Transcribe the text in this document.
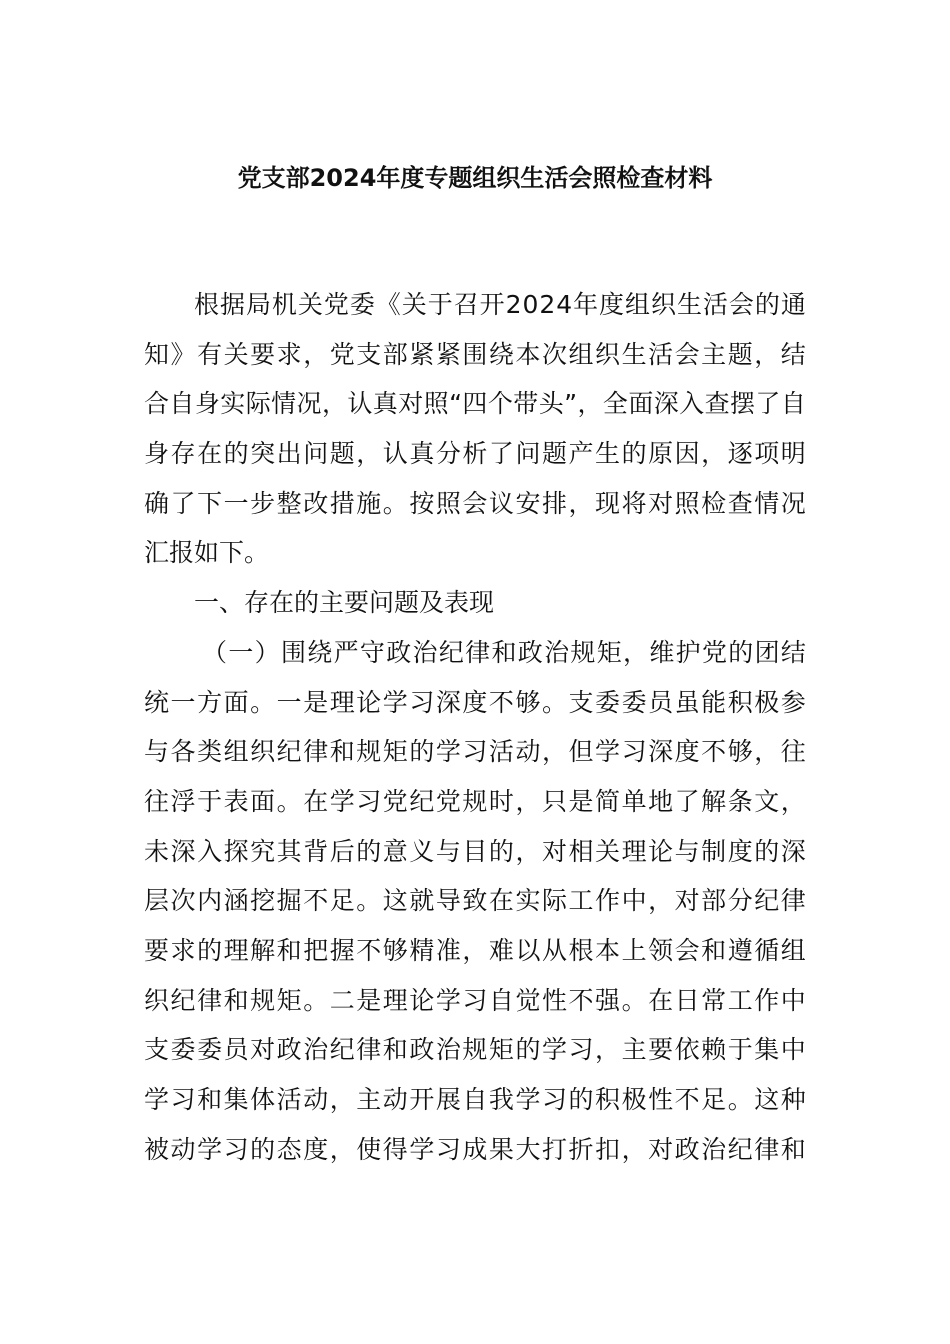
党支部2024年度专题组织生活会照检查材料
根 据 局 机 关 党 委 《 关 于 召 开 2 0 2 4 年 度 组 织 生 活 会 的 通
知 》 有 关 要 求 ， 党 支 部 紧 紧 围 绕 本 次 组 织 生 活 会 主 题 ， 结
合 自 身 实 际 情 况 ， 认 真 对 照 “ 四 个 带 头 ” ， 全 面 深 入 查 摆 了 自
身 存 在 的 突 出 问 题 ， 认 真 分 析 了 问 题 产 生 的 原 因 ， 逐 项 明
确 了 下 一 步 整 改 措 施 。 按 照 会 议 安 排 ， 现 将 对 照 检 查 情 况
汇报如下。
一、存在的主要问题及表现
（ 一 ） 围 绕 严 守 政 治 纪 律 和 政 治 规 矩 ， 维 护 党 的 团 结
统 一 方 面 。 一 是 理 论 学 习 深 度 不 够 。 支 委 委 员 虽 能 积 极 参
与 各 类 组 织 纪 律 和 规 矩 的 学 习 活 动 ， 但 学 习 深 度 不 够 ， 往
往 浮 于 表 面 。 在 学 习 党 纪 党 规 时 ， 只 是 简 单 地 了 解 条 文 ，
未 深 入 探 究 其 背 后 的 意 义 与 目 的 ， 对 相 关 理 论 与 制 度 的 深
层 次 内 涵 挖 掘 不 足 。 这 就 导 致 在 实 际 工 作 中 ， 对 部 分 纪 律
要 求 的 理 解 和 把 握 不 够 精 准 ， 难 以 从 根 本 上 领 会 和 遵 循 组
织 纪 律 和 规 矩 。 二 是 理 论 学 习 自 觉 性 不 强 。 在 日 常 工 作 中
支 委 委 员 对 政 治 纪 律 和 政 治 规 矩 的 学 习 ， 主 要 依 赖 于 集 中
学 习 和 集 体 活 动 ， 主 动 开 展 自 我 学 习 的 积 极 性 不 足 。 这 种
被 动 学 习 的 态 度 ， 使 得 学 习 成 果 大 打 折 扣 ， 对 政 治 纪 律 和
